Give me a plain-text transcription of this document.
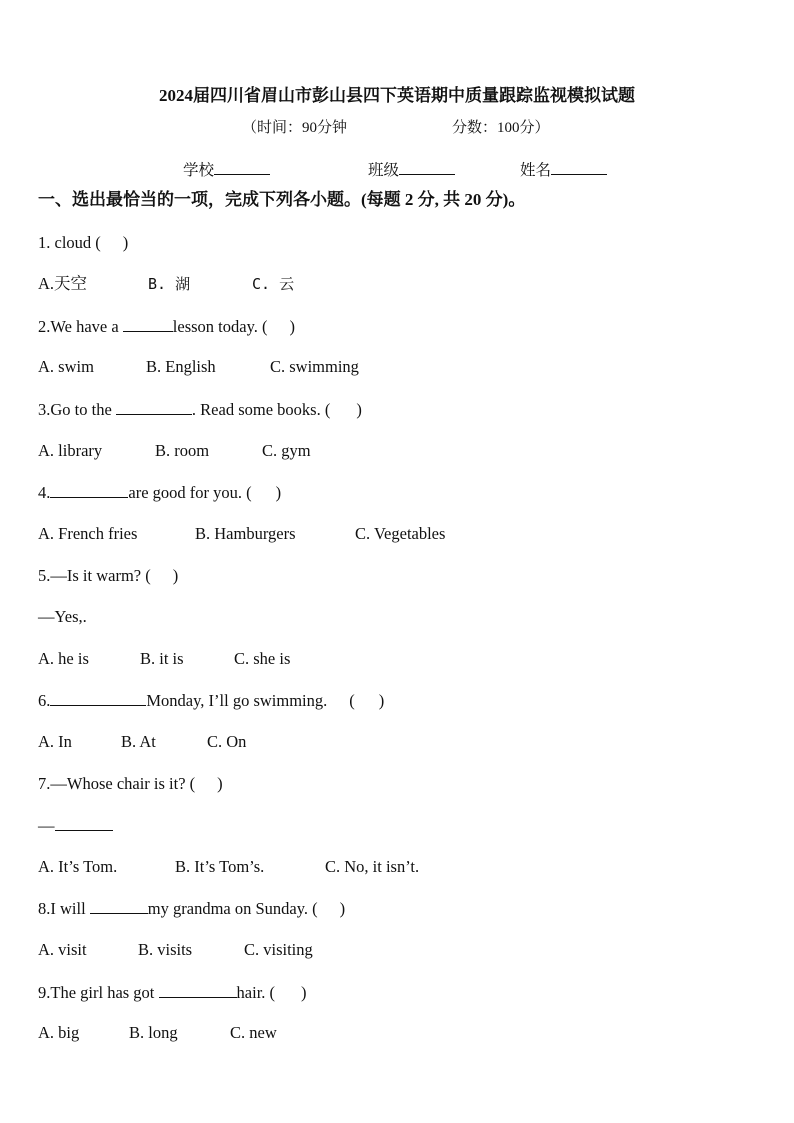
2024届四川省眉山市彭山县四下英语期中质量跟踪监视模拟试题
（时间：90分钟	分数：100分）
学校	班级	姓名
一、选出最恰当的一项，完成下列各小题。(每题 2 分, 共 20 分)。
1. cloud ( )
A.天空	B. 湖	C. 云
2.We have a	lesson today. ( )
A. swim	B. English	C. swimming
3.Go to the	. Read some books. ( )
A. library	B. room	C. gym
4.	are good for you. ( )
A. French fries	B. Hamburgers	C. Vegetables
5.—Is it warm? ( )
—Yes,.
A. he is	B. it is	C. she is
6.	Monday, I’ll go swimming. ( )
A. In	B. At	C. On
7.—Whose chair is it? ( )
—
A. It’s Tom.	B. It’s Tom’s.	C. No, it isn’t.
8.I will	my grandma on Sunday. ( )
A. visit	B. visits	C. visiting
9.The girl has got	hair. ( )
A. big	B. long	C. new
